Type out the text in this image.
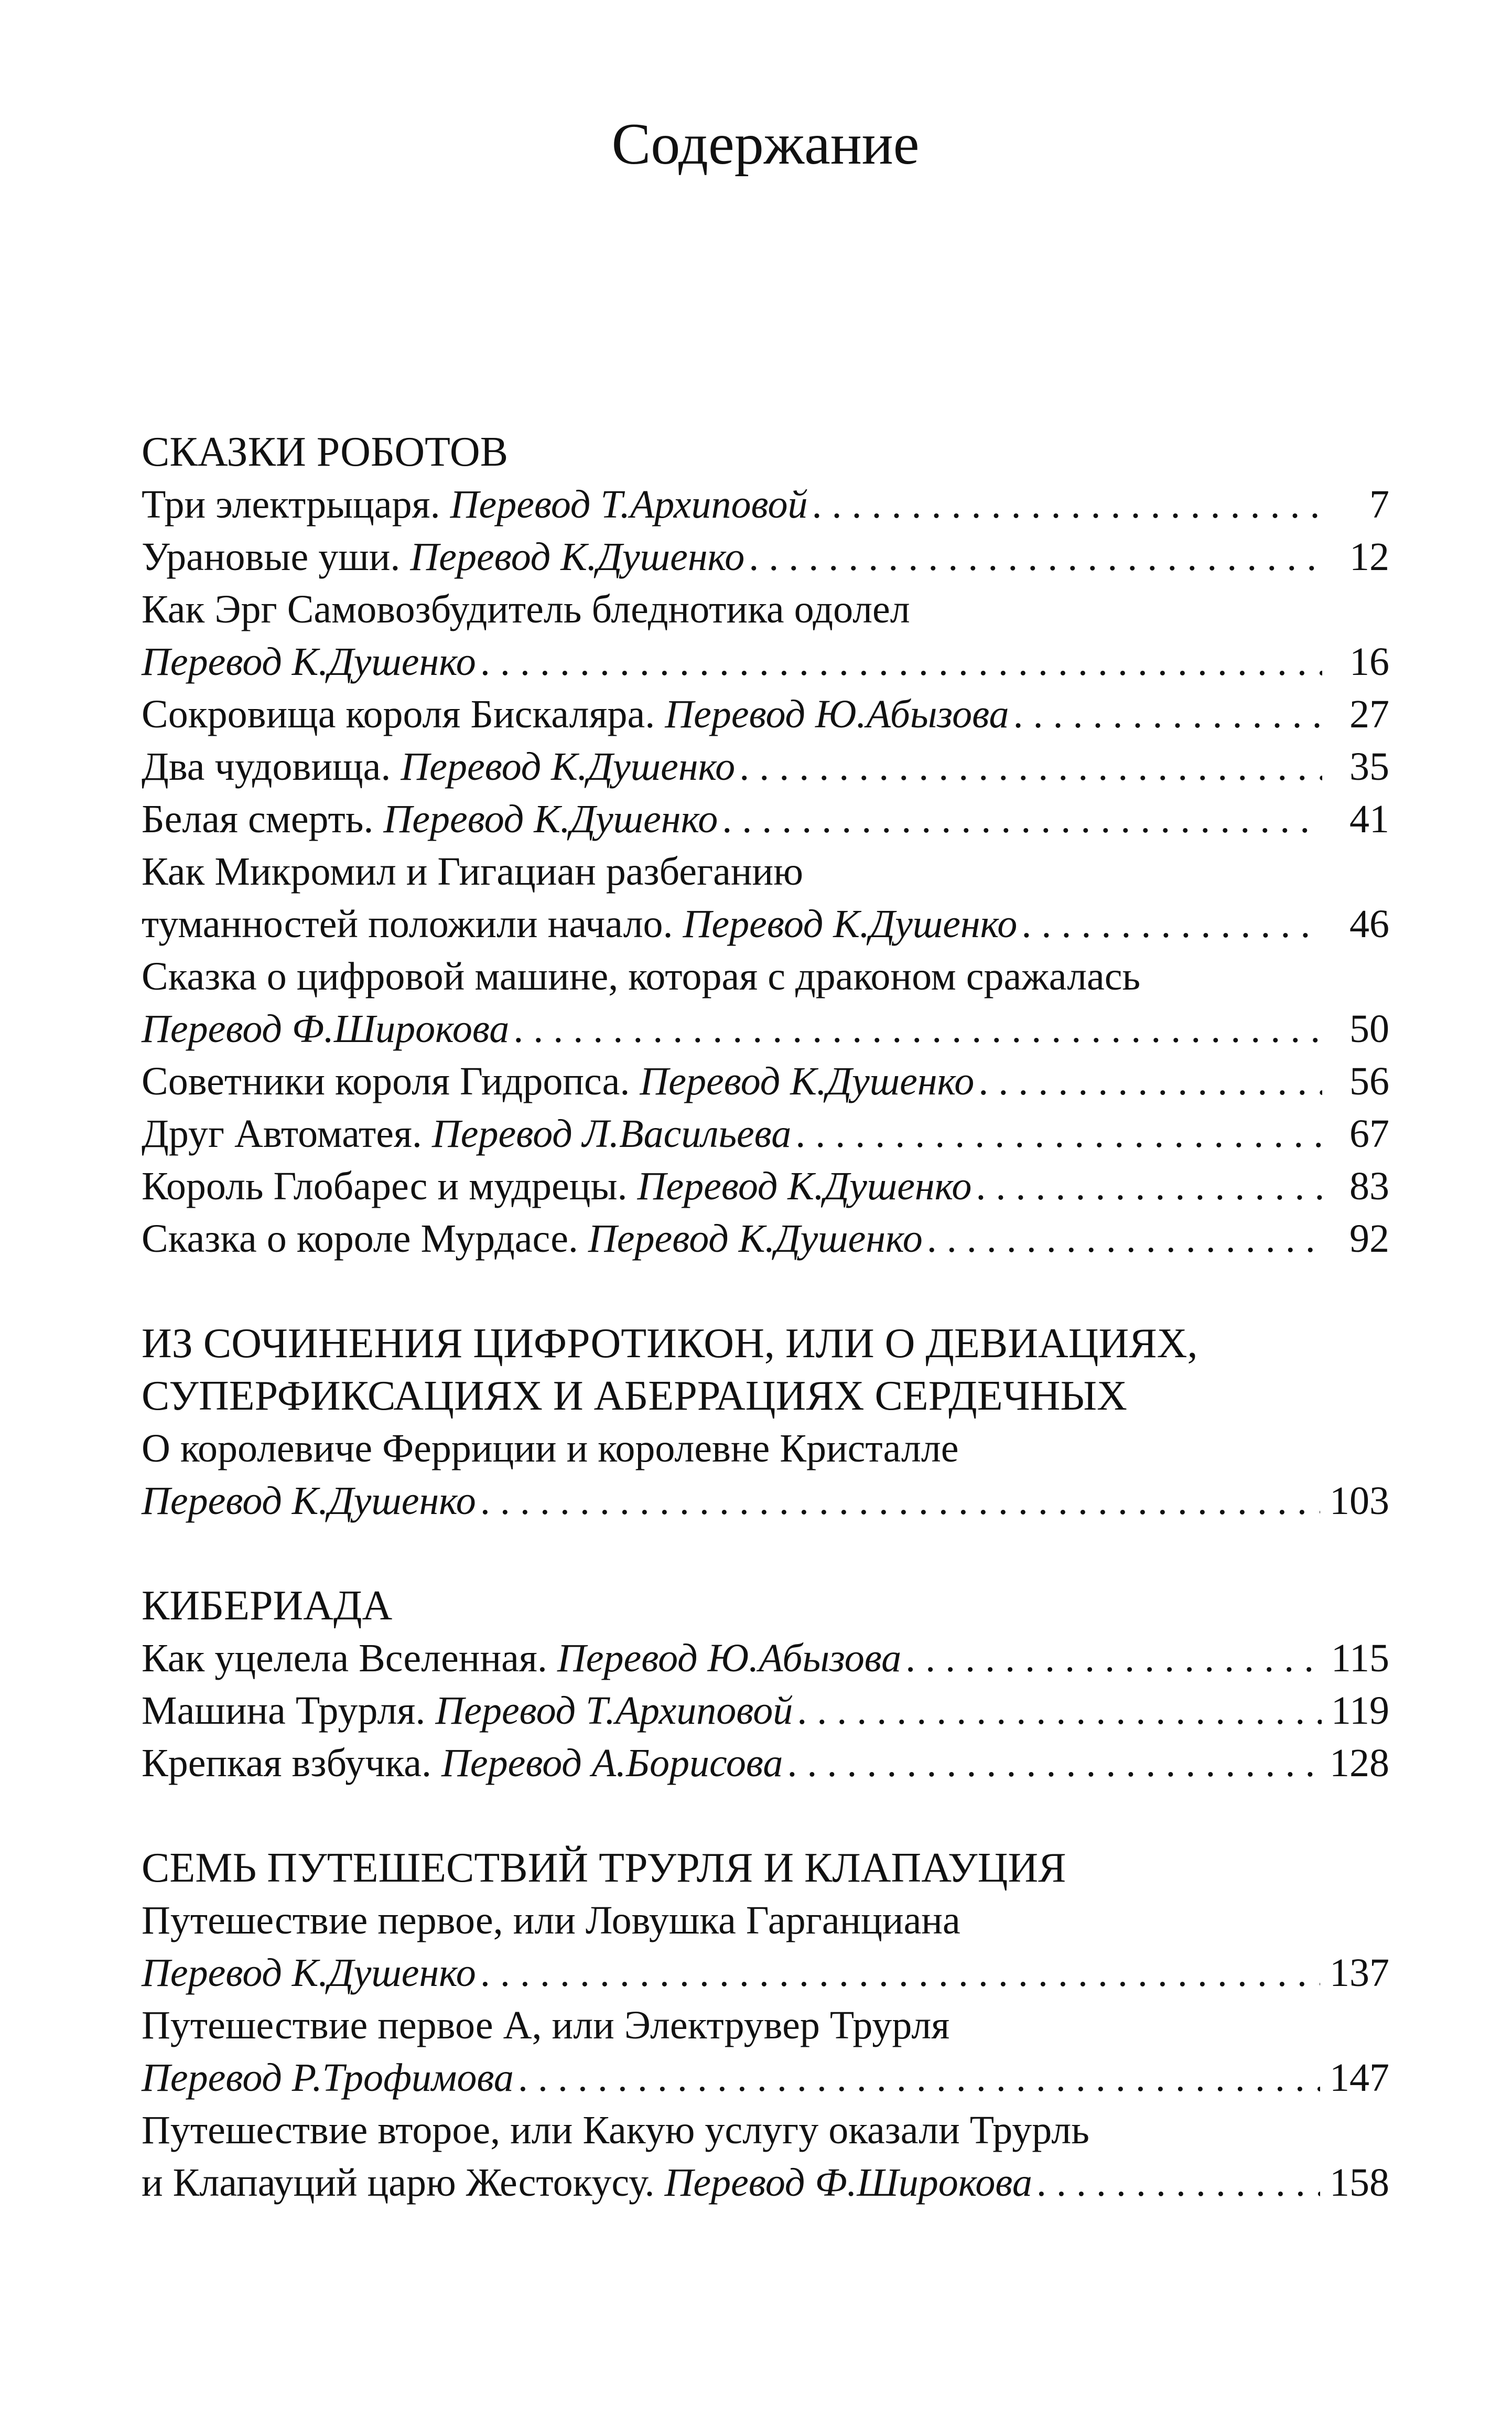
Содержание
СКАЗКИ РОБОТОВ
Три электрыцаря. Перевод Т.Архиповой . . .	7
Урановые уши. Перевод К.Душенко . . .	12
Как Эрг Самовозбудитель бледнотика одолел
Перевод К.Душенко . . .	16
Сокровища короля Бискаляра. Перевод Ю.Абызова . . .	27
Два чудовища. Перевод К.Душенко . . .	35
Белая смерть. Перевод К.Душенко . . .	41
Как Микромил и Гигациан разбеганию
туманностей положили начало. Перевод К.Душенко . . .	46
Сказка о цифровой машине, которая с драконом сражалась
Перевод Ф.Широкова . . .	50
Советники короля Гидропса. Перевод К.Душенко . . .	56
Друг Автоматея. Перевод Л.Васильева . . .	67
Король Глобарес и мудрецы. Перевод К.Душенко . . .	83
Сказка о короле Мурдасе. Перевод К.Душенко . . .	92
ИЗ СОЧИНЕНИЯ ЦИФРОТИКОН, ИЛИ О ДЕВИАЦИЯХ,
СУПЕРФИКСАЦИЯХ И АБЕРРАЦИЯХ СЕРДЕЧНЫХ
О королевиче Ферриции и королевне Кристалле
Перевод К.Душенко . . .	103
КИБЕРИАДА
Как уцелела Вселенная. Перевод Ю.Абызова . . .	115
Машина Трурля. Перевод Т.Архиповой . . .	119
Крепкая взбучка. Перевод А.Борисова . . .	128
СЕМЬ ПУТЕШЕСТВИЙ ТРУРЛЯ И КЛАПАУЦИЯ
Путешествие первое, или Ловушка Гарганциана
Перевод К.Душенко . . .	137
Путешествие первое А, или Электрувер Трурля
Перевод Р.Трофимова . . .	147
Путешествие второе, или Какую услугу оказали Трурль
и Клапауций царю Жестокусу. Перевод Ф.Широкова . . .	158
